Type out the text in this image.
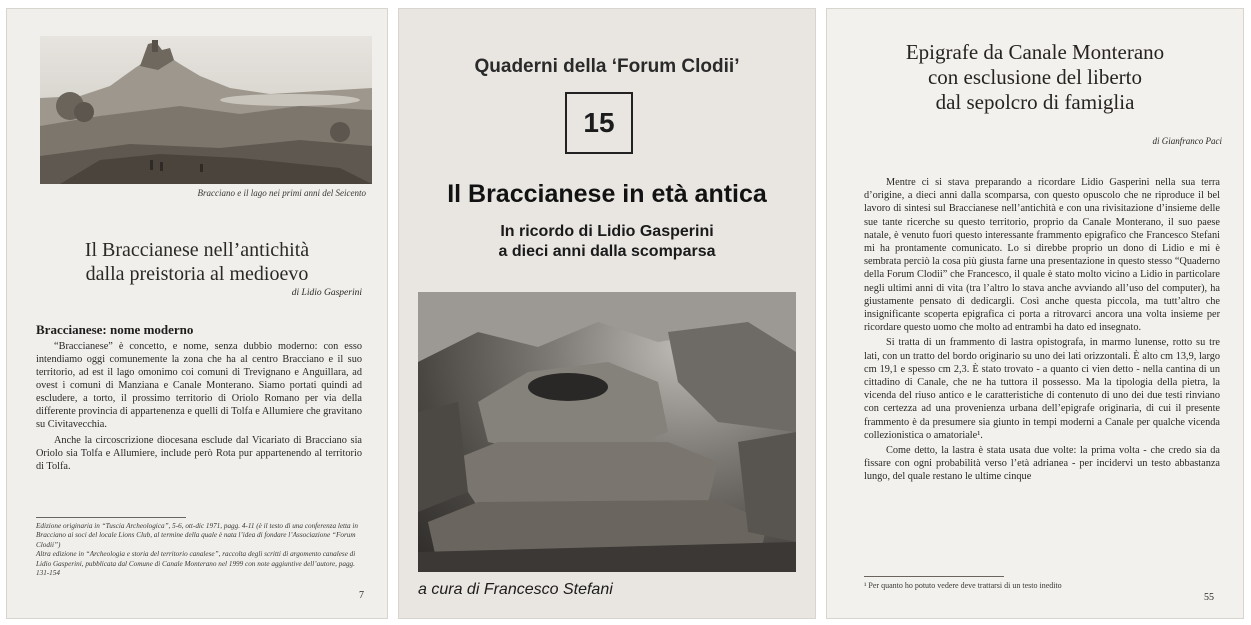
Bracciano e il lago nei primi anni del Seicento
Il Braccianese nell’antichità
dalla preistoria al medioevo
di Lidio Gasperini
Braccianese: nome moderno

“Braccianese” è concetto, e nome, senza dubbio moderno: con esso intendiamo oggi comunemente la zona che ha al centro Bracciano e il suo territorio, ad est il lago omonimo coi comuni di Trevignano e Anguillara, ad ovest i comuni di Manziana e Canale Monterano. Siamo portati quindi ad escludere, a torto, il prossimo territorio di Oriolo Romano per via della differente provincia di appartenenza e quelli di Tolfa e Allumiere che gravitano su Civitavecchia.

Anche la circoscrizione diocesana esclude dal Vicariato di Bracciano sia Oriolo sia Tolfa e Allumiere, include però Rota pur appartenendo al territorio di Tolfa.

Edizione originaria in “Tuscia Archeologica”, 5-6, ott-dic 1971, pagg. 4-11 (è il testo di una conferenza letta in Bracciano ai soci del locale Lions Club, al termine della quale è nata l’idea di fondare l’Associazione “Forum Clodii”)

Altra edizione in “Archeologia e storia del territorio canalese”, raccolta degli scritti di argomento canalese di Lidio Gasperini, pubblicata dal Comune di Canale Monterano nel 1999 con note aggiuntive dell’autore, pagg. 131-154

7
Quaderni della ‘Forum Clodii’
15
Il Braccianese in età antica
In ricordo di Lidio Gasperini
a dieci anni dalla scomparsa
a cura di Francesco Stefani
Epigrafe da Canale Monterano
con esclusione del liberto
dal sepolcro di famiglia
di Gianfranco Paci

Mentre ci si stava preparando a ricordare Lidio Gasperini nella sua terra d’origine, a dieci anni dalla scomparsa, con questo opuscolo che ne riproduce il bel lavoro di sintesi sul Braccianese nell’antichità e con una rivisitazione d’insieme delle sue tante ricerche su questo territorio, proprio da Canale Monterano, il suo paese natale, è venuto fuori questo interessante frammento epigrafico che Francesco Stefani mi ha prontamente comunicato. Lo si direbbe proprio un dono di Lidio e mi è sembrata perciò la cosa più giusta farne una presentazione in questo stesso “Quaderno della Forum Clodii” che Francesco, il quale è stato molto vicino a Lidio in particolare negli ultimi anni di vita (tra l’altro lo stava anche avviando all’uso del computer), ha giustamente pensato di dedicargli. Così anche questa piccola, ma tutt’altro che insignificante scoperta epigrafica ci porta a ritrovarci ancora una volta insieme per ricordare questo uomo che molto ad entrambi ha dato ed insegnato.

Si tratta di un frammento di lastra opistografa, in marmo lunense, rotto su tre lati, con un tratto del bordo originario su uno dei lati orizzontali. È alto cm 13,9, largo cm 19,1 e spesso cm 2,3. È stato trovato - a quanto ci vien detto - nella cantina di un cittadino di Canale, che ne ha tuttora il possesso. Ma la tipologia della pietra, la vicenda del riuso antico e le caratteristiche di contenuto di uno dei due testi rinviano con certezza ad una provenienza urbana dell’epigrafe originaria, di cui il presente frammento è da presumere sia giunto in tempi moderni a Canale per qualche vicenda collezionistica o amatoriale¹.

Come detto, la lastra è stata usata due volte: la prima volta - che credo sia da fissare con ogni probabilità verso l’età adrianea - per incidervi un testo abbastanza lungo, del quale restano le ultime cinque

¹ Per quanto ho potuto vedere deve trattarsi di un testo inedito
55
